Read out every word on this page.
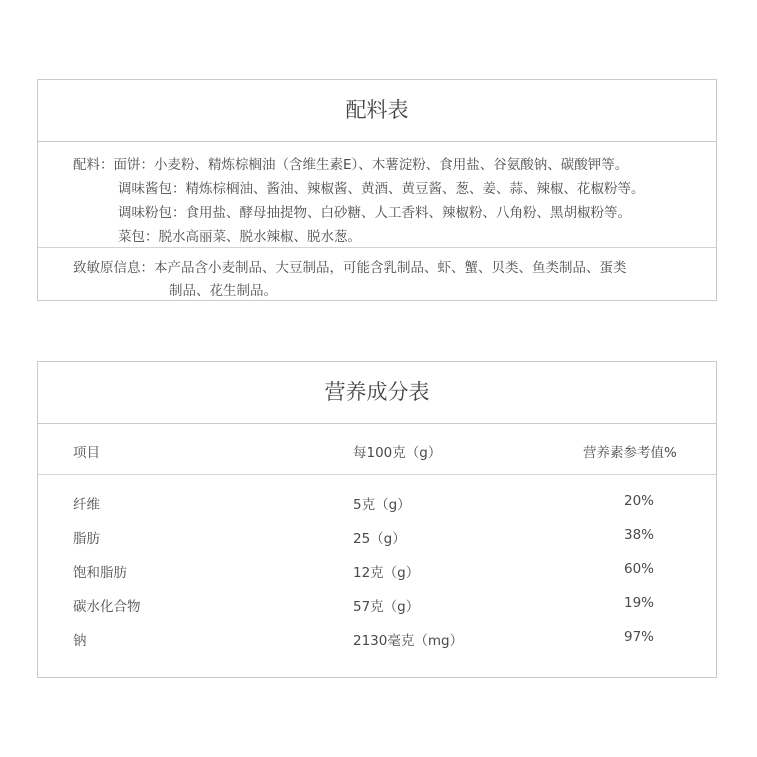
配料表
配料：面饼：小麦粉、精炼棕榈油（含维生素E）、木薯淀粉、食用盐、谷氨酸钠、碳酸钾等。
调味酱包：精炼棕榈油、酱油、辣椒酱、黄酒、黄豆酱、葱、姜、蒜、辣椒、花椒粉等。
调味粉包：食用盐、酵母抽提物、白砂糖、人工香料、辣椒粉、八角粉、黑胡椒粉等。
菜包：脱水高丽菜、脱水辣椒、脱水葱。
致敏原信息：本产品含小麦制品、大豆制品，可能含乳制品、虾、蟹、贝类、鱼类制品、蛋类
制品、花生制品。
营养成分表
项目	每100克（g）	营养素参考值%
纤维	5克（g）	20%
脂肪	25（g）	38%
饱和脂肪	12克（g）	60%
碳水化合物	57克（g）	19%
钠	2130毫克（mg）	97%
